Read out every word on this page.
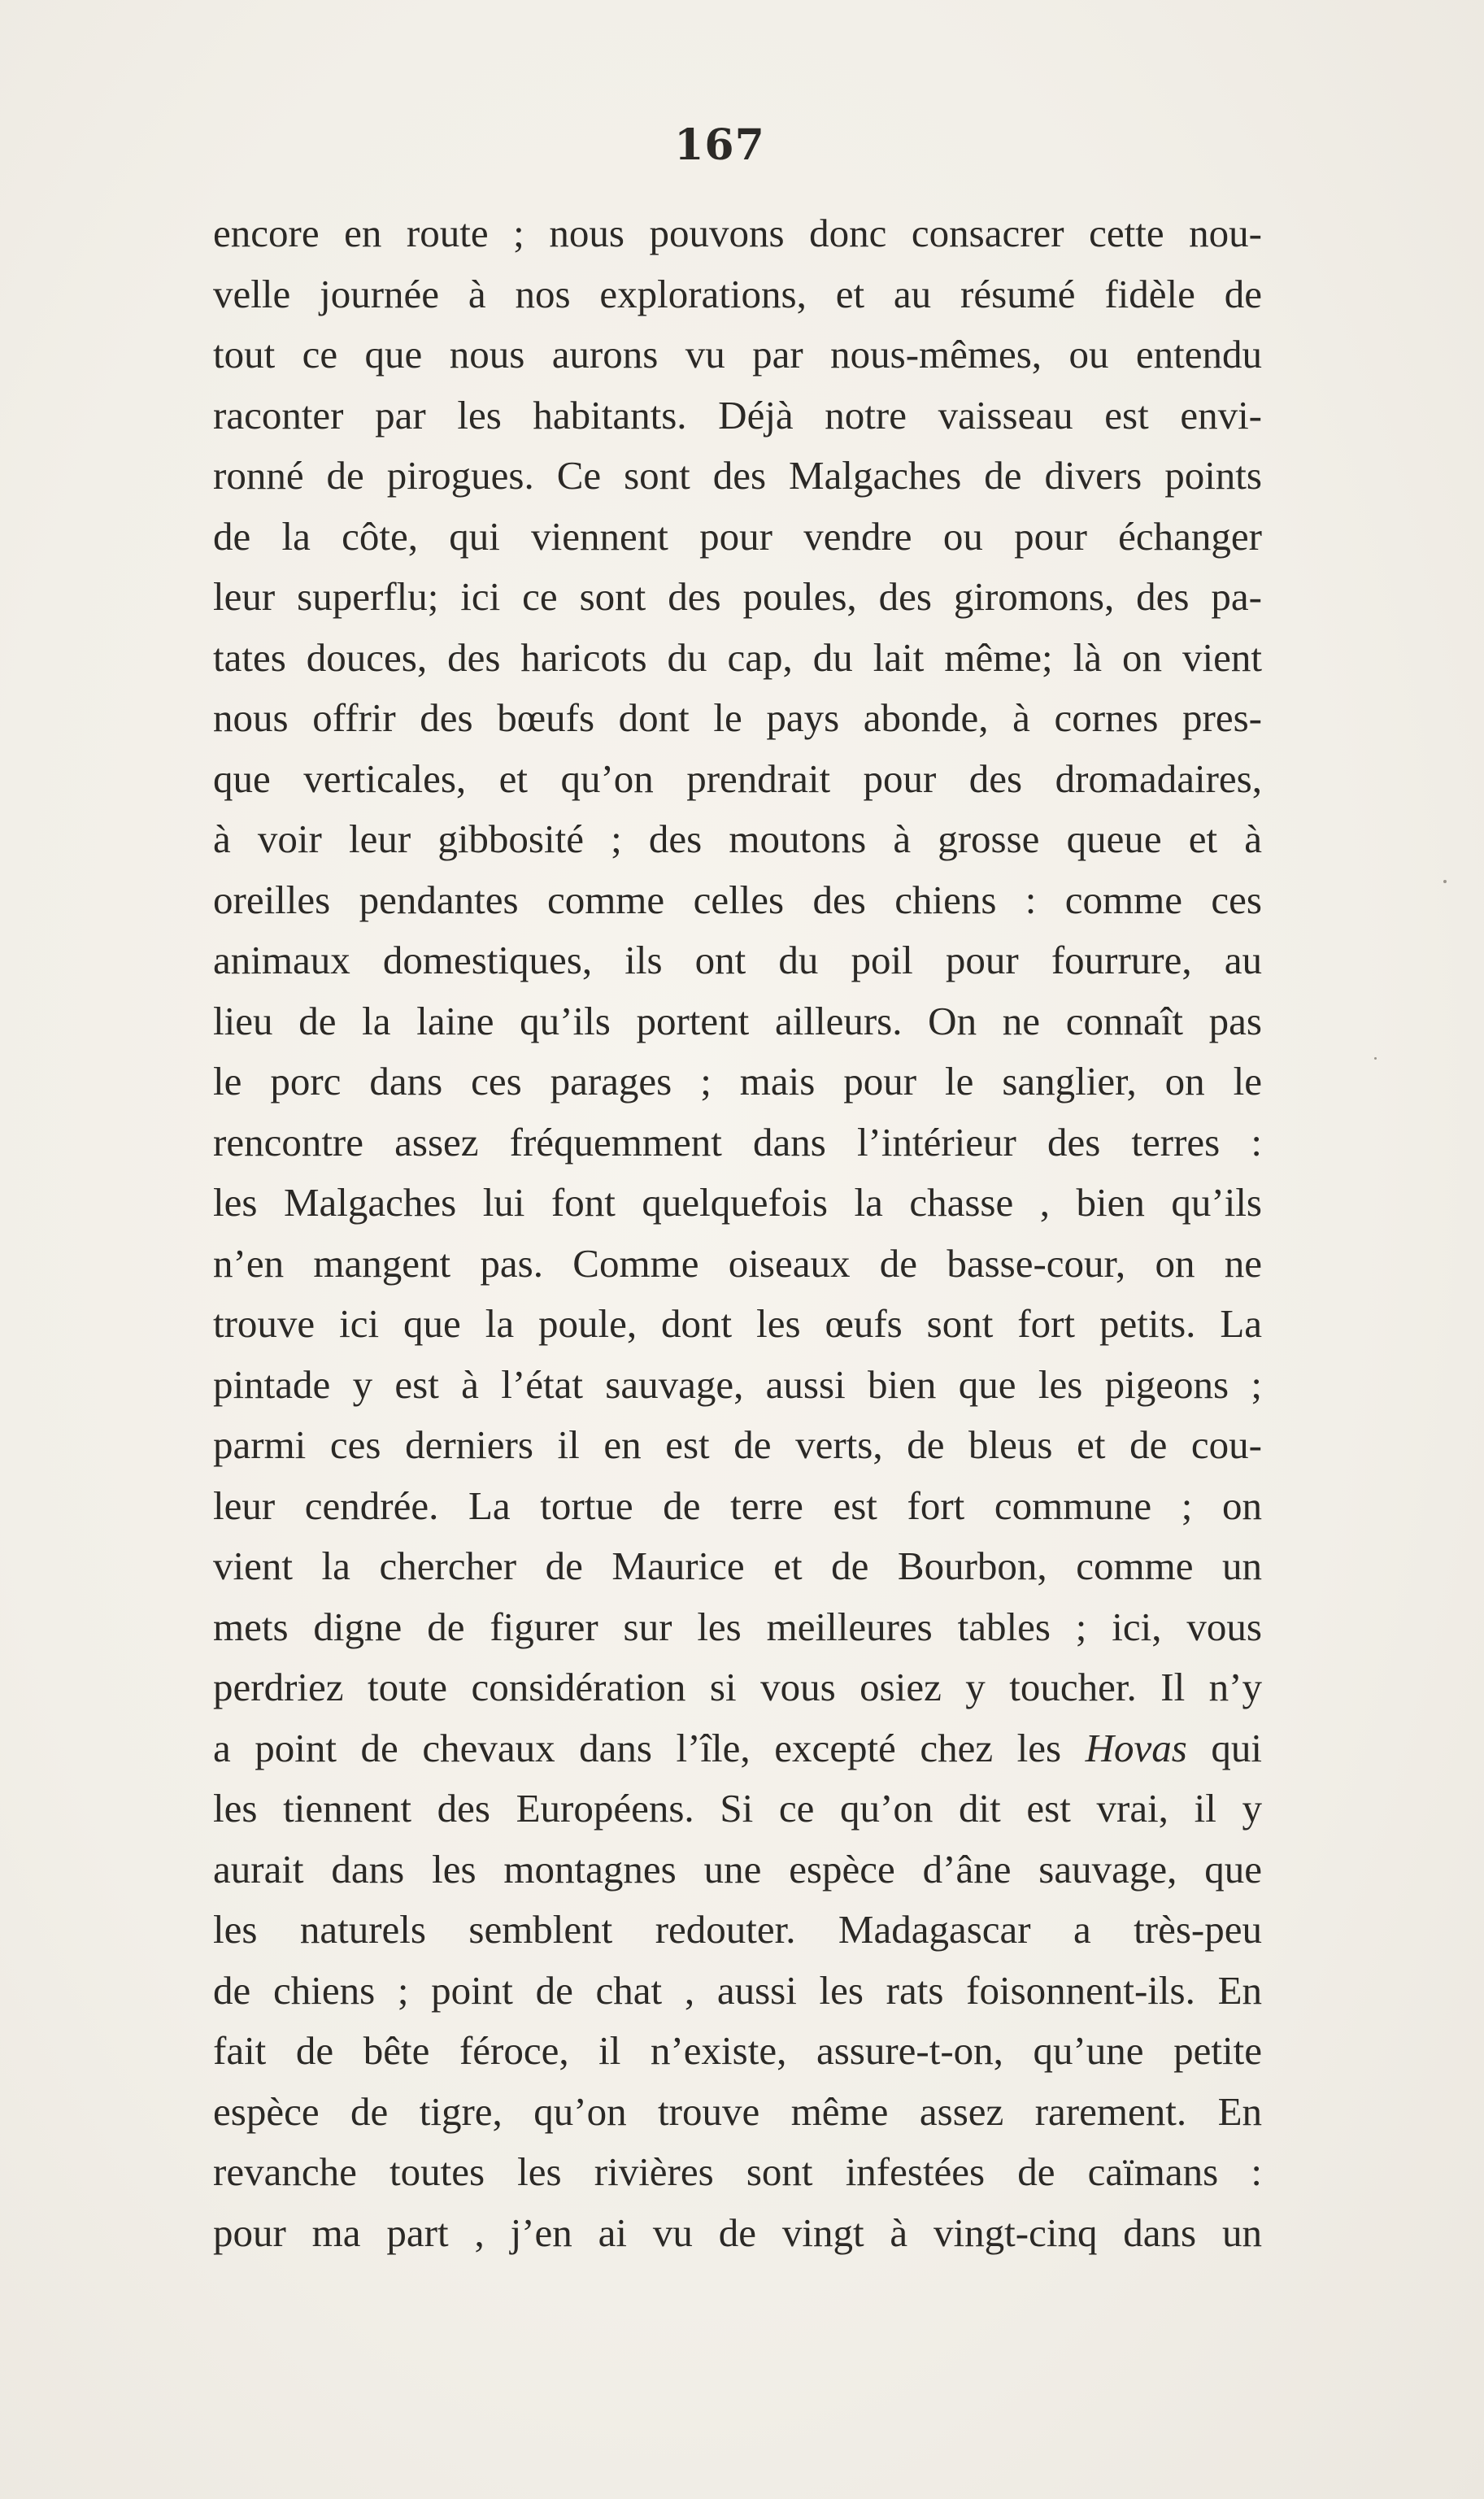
167
encore en route ; nous pouvons donc consacrer cette nou-
velle journée à nos explorations, et au résumé fidèle de
tout ce que nous aurons vu par nous-mêmes, ou entendu
raconter par les habitants. Déjà notre vaisseau est envi-
ronné de pirogues. Ce sont des Malgaches de divers points
de la côte, qui viennent pour vendre ou pour échanger
leur superflu; ici ce sont des poules, des giromons, des pa-
tates douces, des haricots du cap, du lait même; là on vient
nous offrir des bœufs dont le pays abonde, à cornes pres-
que verticales, et qu’on prendrait pour des dromadaires,
à voir leur gibbosité ; des moutons à grosse queue et à
oreilles pendantes comme celles des chiens : comme ces
animaux domestiques, ils ont du poil pour fourrure, au
lieu de la laine qu’ils portent ailleurs. On ne connaît pas
le porc dans ces parages ; mais pour le sanglier, on le
rencontre assez fréquemment dans l’intérieur des terres :
les Malgaches lui font quelquefois la chasse , bien qu’ils
n’en mangent pas. Comme oiseaux de basse-cour, on ne
trouve ici que la poule, dont les œufs sont fort petits. La
pintade y est à l’état sauvage, aussi bien que les pigeons ;
parmi ces derniers il en est de verts, de bleus et de cou-
leur cendrée. La tortue de terre est fort commune ; on
vient la chercher de Maurice et de Bourbon, comme un
mets digne de figurer sur les meilleures tables ; ici, vous
perdriez toute considération si vous osiez y toucher. Il n’y
a point de chevaux dans l’île, excepté chez les Hovas qui
les tiennent des Européens. Si ce qu’on dit est vrai, il y
aurait dans les montagnes une espèce d’âne sauvage, que
les naturels semblent redouter. Madagascar a très-peu
de chiens ; point de chat , aussi les rats foisonnent-ils. En
fait de bête féroce, il n’existe, assure-t-on, qu’une petite
espèce de tigre, qu’on trouve même assez rarement. En
revanche toutes les rivières sont infestées de caïmans :
pour ma part , j’en ai vu de vingt à vingt-cinq dans un
